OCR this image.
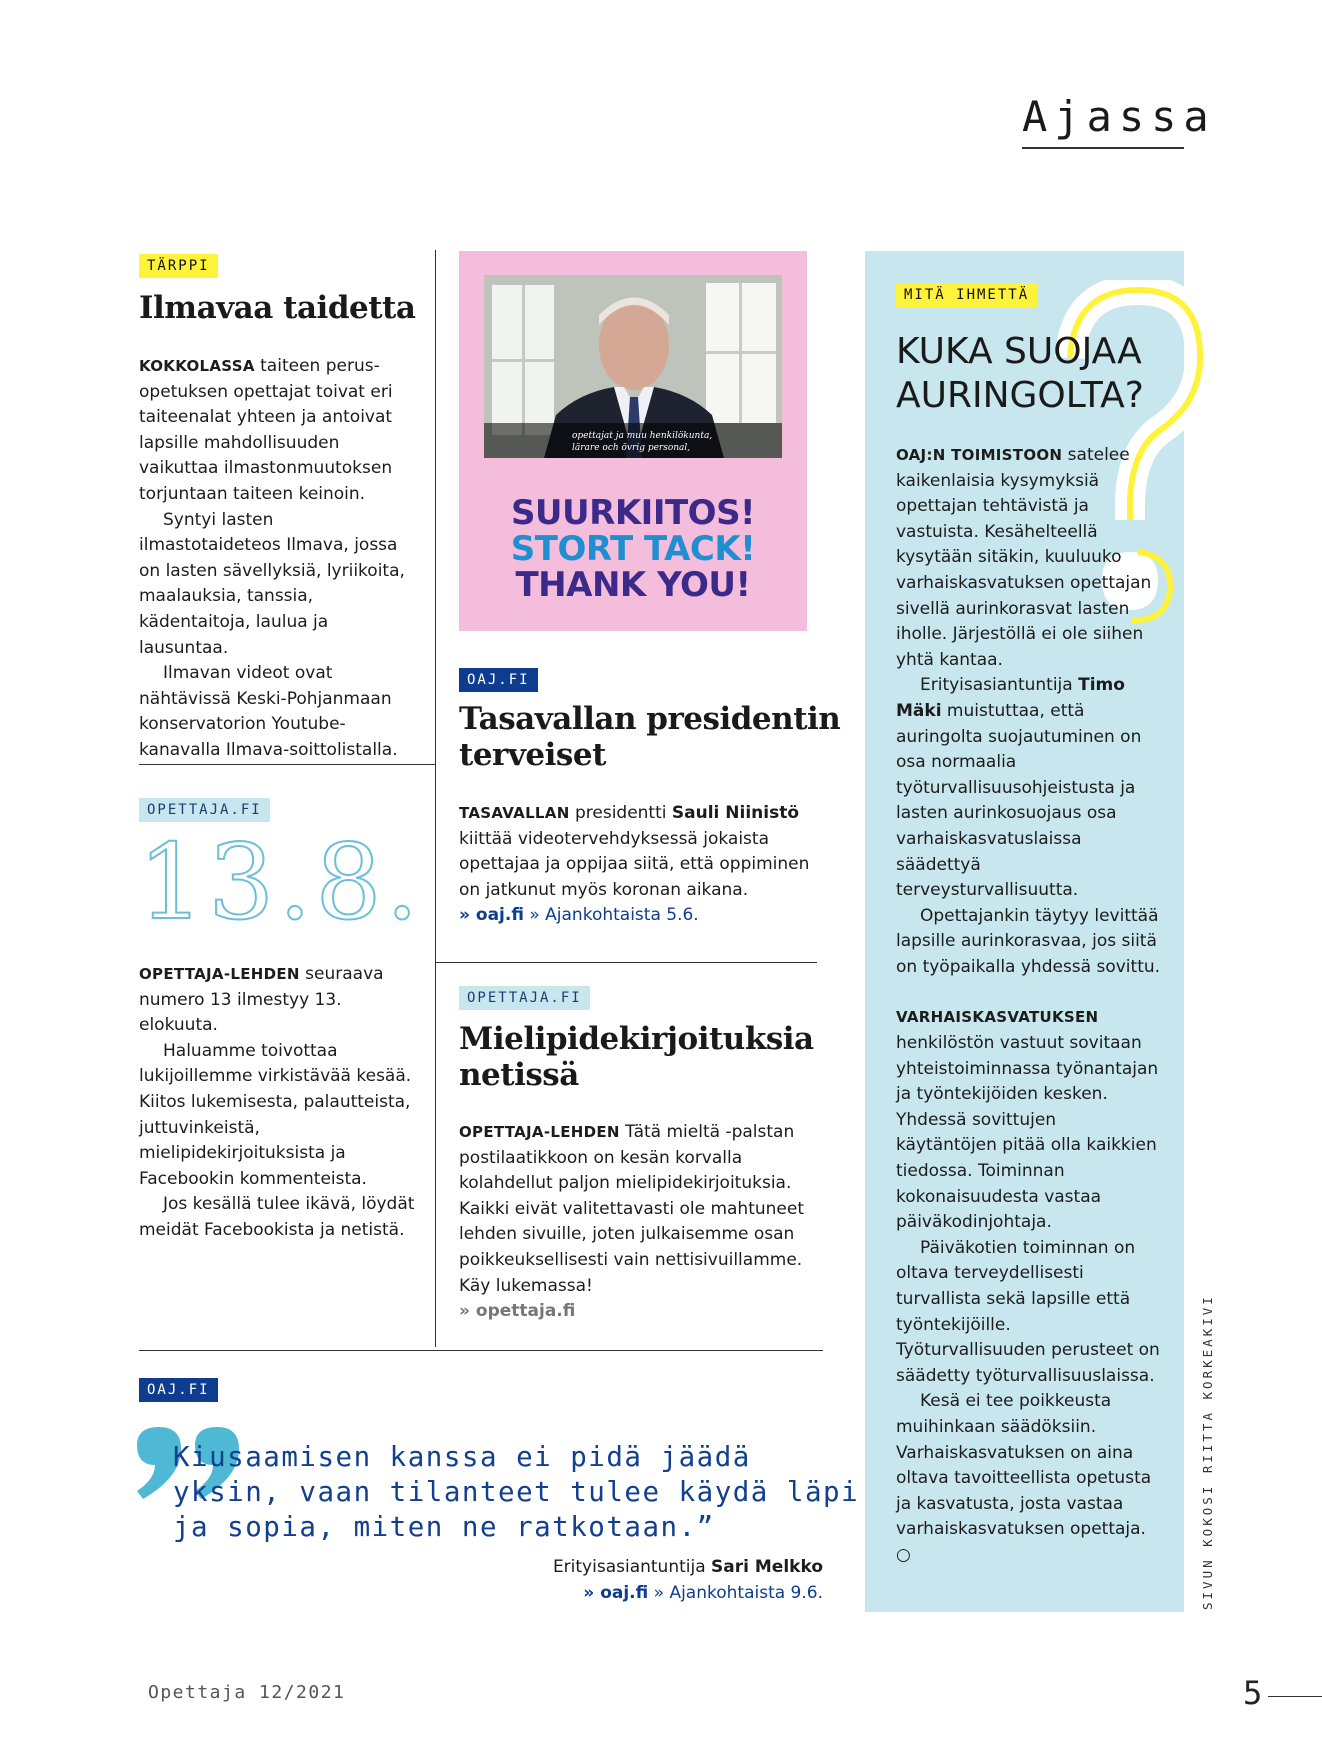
Ajassa
TÄRPPI
Ilmavaa taidetta

KOKKOLASSA taiteen perus-opetuksen opettajat toivat eri taiteenalat yhteen ja antoivat lapsille mahdollisuuden vaikuttaa ilmastonmuutoksen torjuntaan taiteen keinoin.

Syntyi lasten ilmastotaideteos Ilmava, jossa on lasten sävellyksiä, lyriikoita, maalauksia, tanssia, kädentaitoja, laulua ja lausuntaa.

Ilmavan videot ovat nähtävissä Keski-Pohjanmaan konservatorion Youtube-kanavalla Ilmava-soittolistalla.

OPETTAJA.FI
13.8.

OPETTAJA-LEHDEN seuraava numero 13 ilmestyy 13. elokuuta.

Haluamme toivottaa lukijoillemme virkistävää kesää. Kiitos lukemisesta, palautteista, juttuvinkeistä, mielipidekirjoituksista ja Facebookin kommenteista.

Jos kesällä tulee ikävä, löydät meidät Facebookista ja netistä.

opettajat ja muu henkilökunta,
lärare och övrig personal,
SUURKIITOS!
STORT TACK!
THANK YOU!
OAJ.FI
Tasavallan presidentin
terveiset

TASAVALLAN presidentti Sauli Niinistö kiittää videotervehdyksessä jokaista opettajaa ja oppijaa siitä, että oppiminen on jatkunut myös koronan aikana.

» oaj.fi » Ajankohtaista 5.6.

OPETTAJA.FI
Mielipidekirjoituksia
netissä

OPETTAJA-LEHDEN Tätä mieltä -palstan postilaatikkoon on kesän korvalla kolahdellut paljon mielipidekirjoituksia. Kaikki eivät valitettavasti ole mahtuneet lehden sivuille, joten julkaisemme osan poikkeuksellisesti vain nettisivuillamme. Käy lukemassa!

» opettaja.fi

OAJ.FI
Kiusaamisen kanssa ei pidä jäädä
yksin, vaan tilanteet tulee käydä läpi
ja sopia, miten ne ratkotaan.”
Erityisasiantuntija Sari Melkko
» oaj.fi » Ajankohtaista 9.6.
MITÄ IHMETTÄ
KUKA SUOJAA
AURINGOLTA?

OAJ:N TOIMISTOON satelee kaikenlaisia kysymyksiä opettajan tehtävistä ja vastuista. Kesähelteellä kysytään sitäkin, kuuluuko varhaiskasvatuksen opettajan sivellä aurinkorasvat lasten iholle. Järjestöllä ei ole siihen yhtä kantaa.

Erityisasiantuntija Timo Mäki muistuttaa, että auringolta suojautuminen on osa normaalia työturvallisuusohjeistusta ja lasten aurinkosuojaus osa varhaiskasvatuslaissa säädettyä terveysturvallisuutta.

Opettajankin täytyy levittää lapsille aurinkorasvaa, jos siitä on työpaikalla yhdessä sovittu.

VARHAISKASVATUKSEN henkilöstön vastuut sovitaan yhteistoiminnassa työnantajan ja työntekijöiden kesken. Yhdessä sovittujen käytäntöjen pitää olla kaikkien tiedossa. Toiminnan kokonaisuudesta vastaa päiväkodinjohtaja.

Päiväkotien toiminnan on oltava terveydellisesti turvallista sekä lapsille että työntekijöille. Työturvallisuuden perusteet on säädetty työturvallisuuslaissa.

Kesä ei tee poikkeusta muihinkaan säädöksiin. Varhaiskasvatuksen on aina oltava tavoitteellista opetusta ja kasvatusta, josta vastaa varhaiskasvatuksen opettaja. ○	SIVUN KOKOSI RIITTA KORKEAKIVI
Opettaja 12/2021	5
